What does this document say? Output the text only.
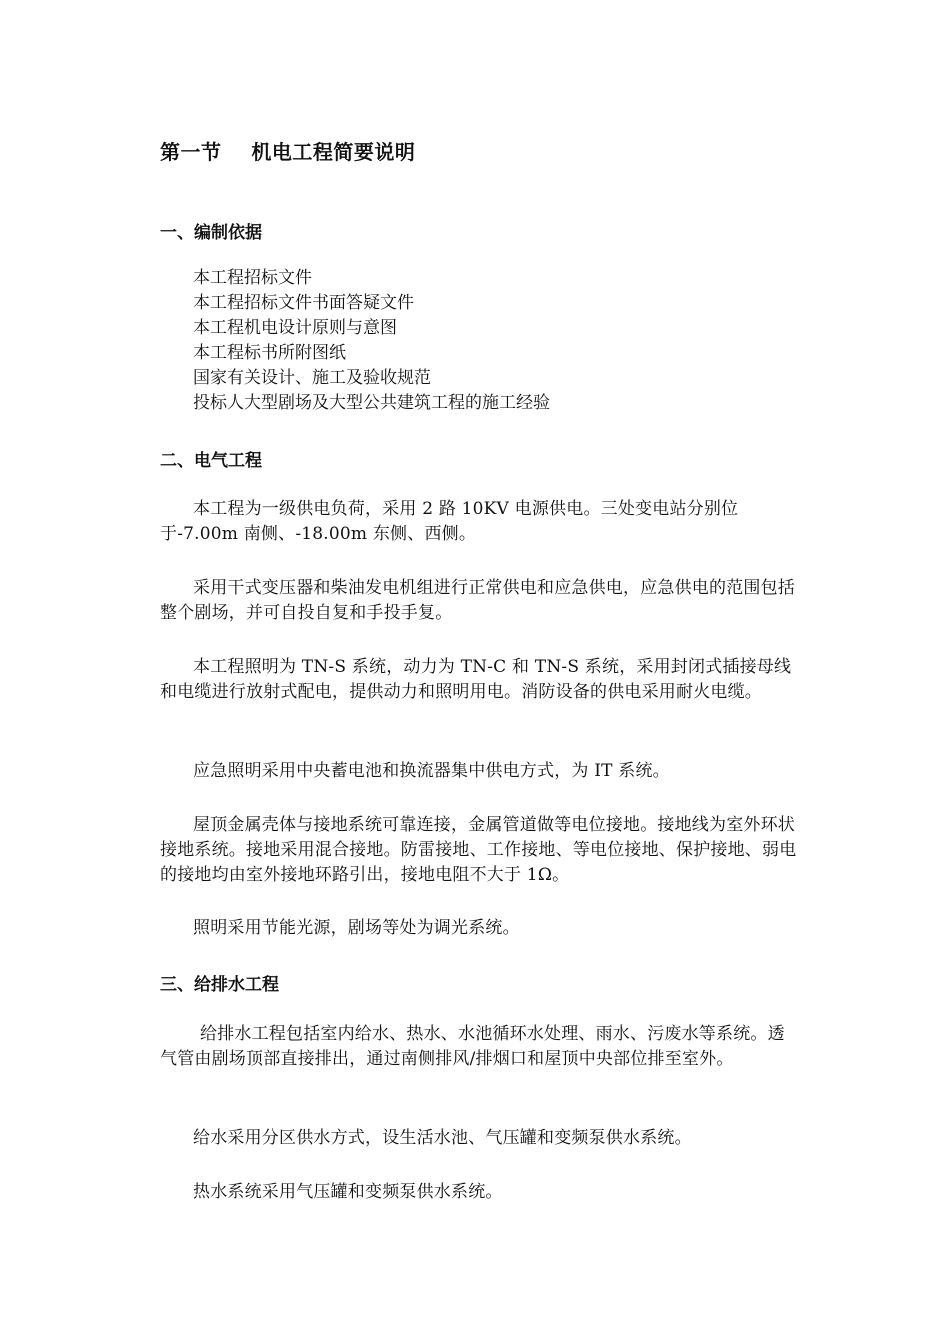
第一节    机电工程简要说明
一、编制依据
本工程招标文件
本工程招标文件书面答疑文件
本工程机电设计原则与意图
本工程标书所附图纸
国家有关设计、施工及验收规范
投标人大型剧场及大型公共建筑工程的施工经验
二、电气工程

本工程为一级供电负荷，采用 2 路 10KV 电源供电。三处变电站分别位于-7.00m 南侧、-18.00m 东侧、西侧。

采用干式变压器和柴油发电机组进行正常供电和应急供电，应急供电的范围包括整个剧场，并可自投自复和手投手复。

本工程照明为 TN-S 系统，动力为 TN-C 和 TN-S 系统，采用封闭式插接母线和电缆进行放射式配电，提供动力和照明用电。消防设备的供电采用耐火电缆。

应急照明采用中央蓄电池和换流器集中供电方式，为 IT 系统。

屋顶金属壳体与接地系统可靠连接，金属管道做等电位接地。接地线为室外环状接地系统。接地采用混合接地。防雷接地、工作接地、等电位接地、保护接地、弱电的接地均由室外接地环路引出，接地电阻不大于 1Ω。

照明采用节能光源，剧场等处为调光系统。

三、给排水工程

给排水工程包括室内给水、热水、水池循环水处理、雨水、污废水等系统。透气管由剧场顶部直接排出，通过南侧排风/排烟口和屋顶中央部位排至室外。

给水采用分区供水方式，设生活水池、气压罐和变频泵供水系统。

热水系统采用气压罐和变频泵供水系统。
